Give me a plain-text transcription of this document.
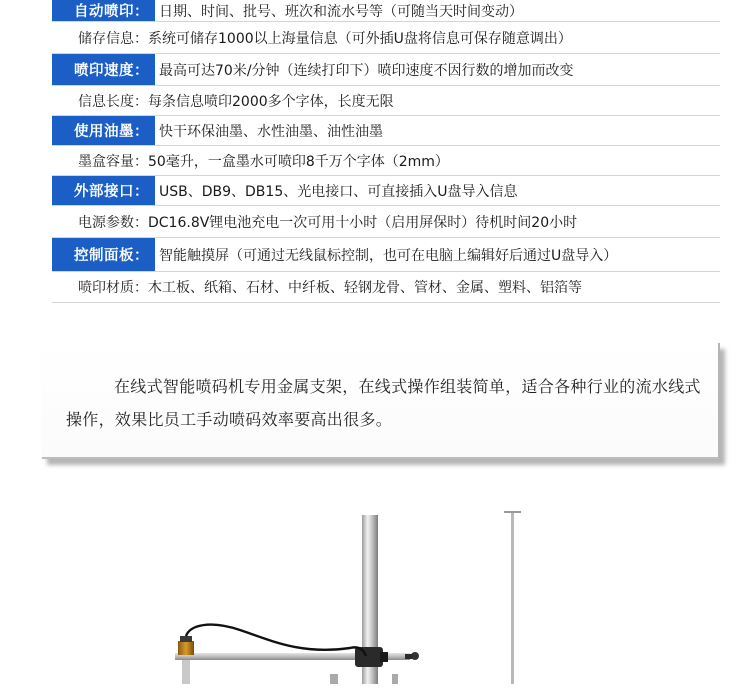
自动喷印： 日期、时间、批号、班次和流水号等（可随当天时间变动）
储存信息： 系统可储存1000以上海量信息（可外插U盘将信息可保存随意调出）
喷印速度： 最高可达70米/分钟（连续打印下）喷印速度不因行数的增加而改变
信息长度： 每条信息喷印2000多个字体，长度无限
使用油墨： 快干环保油墨、水性油墨、油性油墨
墨盒容量： 50毫升，一盒墨水可喷印8千万个字体（2mm）
外部接口： USB、DB9、DB15、光电接口、可直接插入U盘导入信息
电源参数： DC16.8V锂电池充电一次可用十小时（启用屏保时）待机时间20小时
控制面板： 智能触摸屏（可通过无线鼠标控制，也可在电脑上编辑好后通过U盘导入）
喷印材质： 木工板、纸箱、石材、中纤板、轻钢龙骨、管材、金属、塑料、铝箔等

在线式智能喷码机专用金属支架，在线式操作组装简单，适合各种行业的流水线式操作，效果比员工手动喷码效率要高出很多。
